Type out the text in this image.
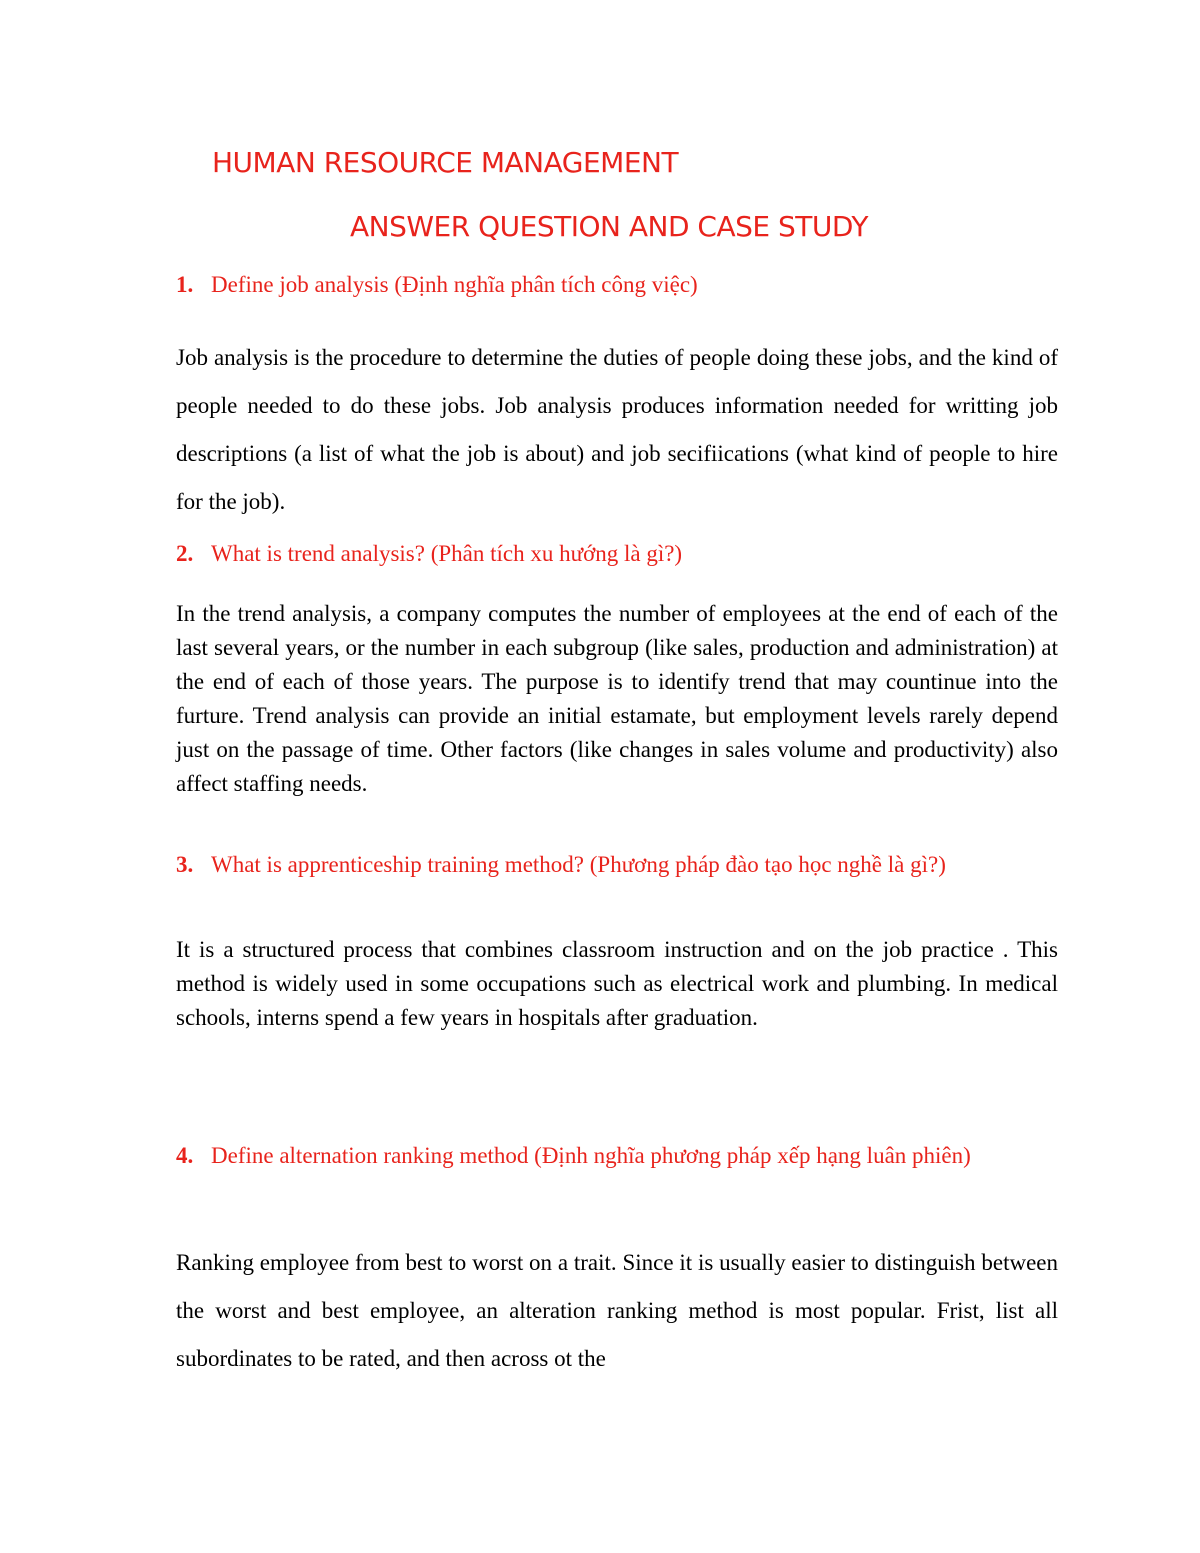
HUMAN RESOURCE MANAGEMENT
ANSWER QUESTION AND CASE STUDY
1. Define job analysis (Định nghĩa phân tích công việc)
Job analysis is the procedure to determine the duties of people doing these jobs, and the kind of people needed to do these jobs. Job analysis produces information needed for writting job descriptions (a list of what the job is about) and job secifiications (what kind of people to hire for the job).
2. What is trend analysis? (Phân tích xu hướng là gì?)
In the trend analysis, a company computes the number of employees at the end of each of the last several years, or the number in each subgroup (like sales, production and administration) at the end of each of those years. The purpose is to identify trend that may countinue into the furture. Trend analysis can provide an initial estamate, but employment levels rarely depend just on the passage of time. Other factors (like changes in sales volume and productivity) also affect staffing needs.
3. What is apprenticeship training method? (Phương pháp đào tạo học nghề là gì?)
It is a structured process that combines classroom instruction and on the job practice . This method is widely used in some occupations such as electrical work and plumbing. In medical schools, interns spend a few years in hospitals after graduation.
4. Define alternation ranking method (Định nghĩa phương pháp xếp hạng luân phiên)
Ranking employee from best to worst on a trait. Since it is usually easier to distinguish between the worst and best employee, an alteration ranking method is most popular. Frist, list all subordinates to be rated, and then across ot the
